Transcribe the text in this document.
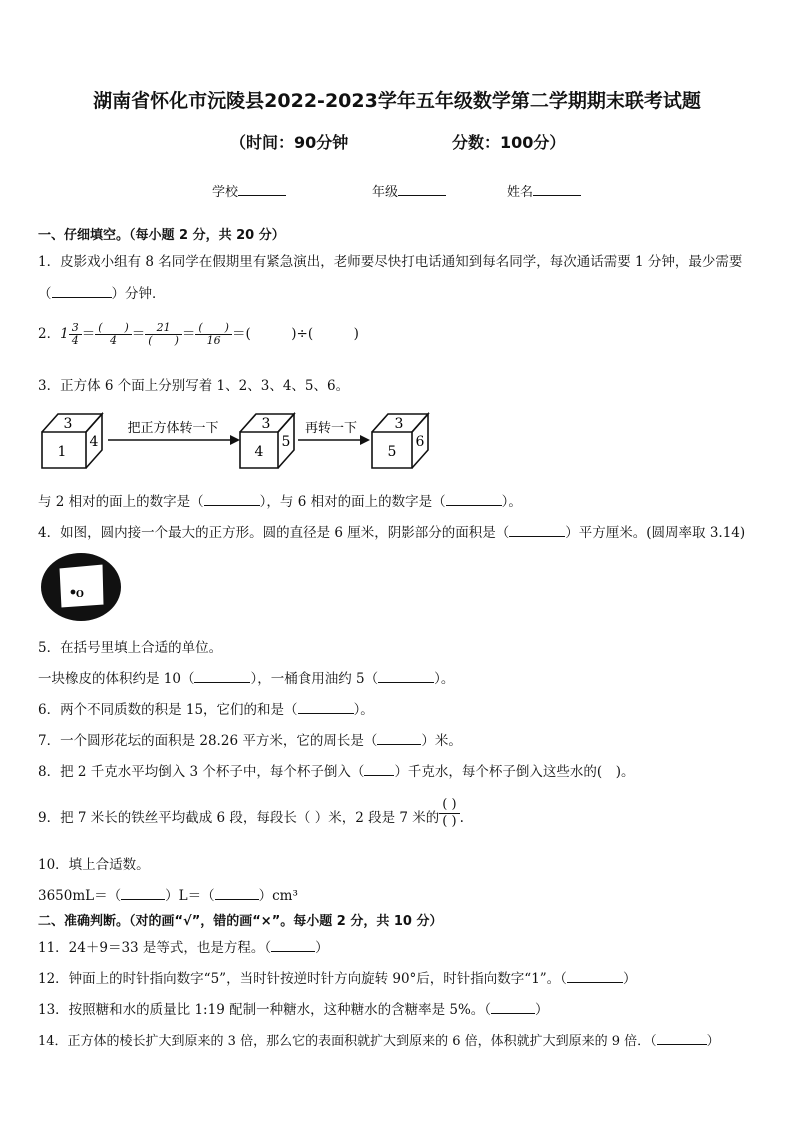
湖南省怀化市沅陵县2022-2023学年五年级数学第二学期期末联考试题
（时间：90分钟	分数：100分）
学校	年级	姓名
一、仔细填空。（每小题 2 分，共 20 分）
1．皮影戏小组有 8 名同学在假期里有紧急演出，老师要尽快打电话通知到每名同学，每次通话需要 1 分钟，最少需要
（	）分钟．
2．$1 \frac{3}{4} = \frac{( )}{4} = \frac{21}{( )} = \frac{( )}{16}$ ＝(　　　)÷(　　　)
3．正方体 6 个面上分别写着 1、2、3、4、5、6。
3
1
4
把正方体转一下	3
4
5
再转一下	3
5
6
与 2 相对的面上的数字是（	），与 6 相对的面上的数字是（	）。
4．如图，圆内接一个最大的正方形。圆的直径是 6 厘米，阴影部分的面积是（	）平方厘米。(圆周率取 3.14)
O
5．在括号里填上合适的单位。
一块橡皮的体积约是 10（	），一桶食用油约 5（	）。
6．两个不同质数的积是 15，它们的和是（	）。
7．一个圆形花坛的面积是 28.26 平方米，它的周长是（	）米。
8．把 2 千克水平均倒入 3 个杯子中，每个杯子倒入（ ）千克水，每个杯子倒入这些水的(　)。
9．把 7 米长的铁丝平均截成 6 段，每段长（ ）米，2 段是 7 米的 $\frac{( )}{( )}$ .
10．填上合适数。
3650mL＝（	）L＝（	）cm³
二、准确判断。（对的画“√”，错的画“×”。每小题 2 分，共 10 分）
11．24＋9＝33 是等式，也是方程。（	）
12．钟面上的时针指向数字“5”，当时针按逆时针方向旋转 90°后，时针指向数字“1”。（	）
13．按照糖和水的质量比 1:19 配制一种糖水，这种糖水的含糖率是 5%。（	）
14．正方体的棱长扩大到原来的 3 倍，那么它的表面积就扩大到原来的 6 倍，体积就扩大到原来的 9 倍．（	）
